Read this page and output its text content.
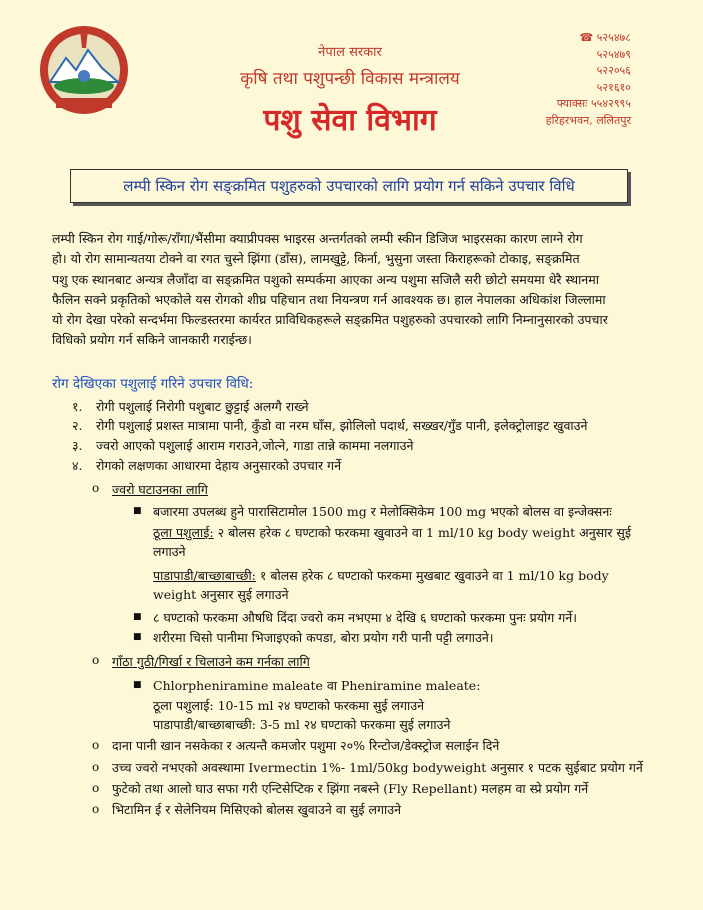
नेपाल सरकार
कृषि तथा पशुपन्छी विकास मन्त्रालय
पशु सेवा विभाग
☎ ५२५४७८
५२५४७९
५२२०५६
५२१६१०
फ्याक्सः ५५४२९९५
हरिहरभवन, ललितपुर
लम्पी स्किन रोग सङ्क्रमित पशुहरुको उपचारको लागि प्रयोग गर्न सकिने उपचार विधि
लम्पी स्किन रोग गाई/गोरू/राँगा/भैंसीमा क्याप्रीपक्स भाइरस अन्तर्गतको लम्पी स्कीन डिजिज भाइरसका कारण लाग्ने रोग
हो। यो रोग सामान्यतया टोक्ने वा रगत चुस्ने झिंगा (डाँस), लामखुट्टे, किर्ना, भुसुना जस्ता किराहरूको टोकाइ, सङ्क्रमित
पशु एक स्थानबाट अन्यत्र लैजाँदा वा सङ्क्रमित पशुको सम्पर्कमा आएका अन्य पशुमा सजिलै सरी छोटो समयमा धेरै स्थानमा
फैलिन सक्ने प्रकृतिको भएकोले यस रोगको शीघ्र पहिचान तथा नियन्त्रण गर्न आवश्यक छ। हाल नेपालका अधिकांश जिल्लामा
यो रोग देखा परेको सन्दर्भमा फिल्डस्तरमा कार्यरत प्राविधिकहरूले सङ्क्रमित पशुहरुको उपचारको लागि निम्नानुसारको उपचार
विधिको प्रयोग गर्न सकिने जानकारी गराईन्छ।
रोग देखिएका पशुलाई गरिने उपचार विधि:
१. रोगी पशुलाई निरोगी पशुबाट छुट्टाई अलग्गै राख्ने
२. रोगी पशुलाई प्रशस्त मात्रामा पानी, कुँडो वा नरम घाँस, झोलिलो पदार्थ, सख्खर/गुँड पानी, इलेक्ट्रोलाइट खुवाउने
३. ज्वरो आएको पशुलाई आराम गराउने,जोत्ने, गाडा तान्ने काममा नलगाउने
४. रोगको लक्षणका आधारमा देहाय अनुसारको उपचार गर्ने
o ज्वरो घटाउनका लागि
■ बजारमा उपलब्ध हुने पारासिटामोल 1500 mg र मेलोक्सिकेम 100 mg भएको बोलस वा इन्जेक्सनः
ठूला पशुलाई: २ बोलस हरेक ८ घण्टाको फरकमा खुवाउने वा 1 ml/10 kg body weight अनुसार सुई
लगाउने
पाडापाडी/बाच्छाबाच्छी: १ बोलस हरेक ८ घण्टाको फरकमा मुखबाट खुवाउने वा 1 ml/10 kg body
weight अनुसार सुई लगाउने
■ ८ घण्टाको फरकमा औषधि दिंदा ज्वरो कम नभएमा ४ देखि ६ घण्टाको फरकमा पुनः प्रयोग गर्ने।
■ शरीरमा चिसो पानीमा भिजाइएको कपडा, बोरा प्रयोग गरी पानी पट्टी लगाउने।
o गाँठा गुठी/गिर्खा र चिलाउने कम गर्नका लागि
■ Chlorpheniramine maleate वा Pheniramine maleate:
ठूला पशुलाई: 10-15 ml २४ घण्टाको फरकमा सुई लगाउने
पाडापाडी/बाच्छाबाच्छी: 3-5 ml २४ घण्टाको फरकमा सुई लगाउने
o दाना पानी खान नसकेका र अत्यन्तै कमजोर पशुमा २०% रिन्टोज/डेक्स्ट्रोज सलाईन दिने
o उच्च ज्वरो नभएको अवस्थामा Ivermectin 1%- 1ml/50kg bodyweight अनुसार १ पटक सुईबाट प्रयोग गर्ने
o फुटेको तथा आलो घाउ सफा गरी एन्टिसेप्टिक र झिंगा नबस्ने (Fly Repellant) मलहम वा स्प्रे प्रयोग गर्ने
o भिटामिन ई र सेलेनियम मिसिएको बोलस खुवाउने वा सुई लगाउने
